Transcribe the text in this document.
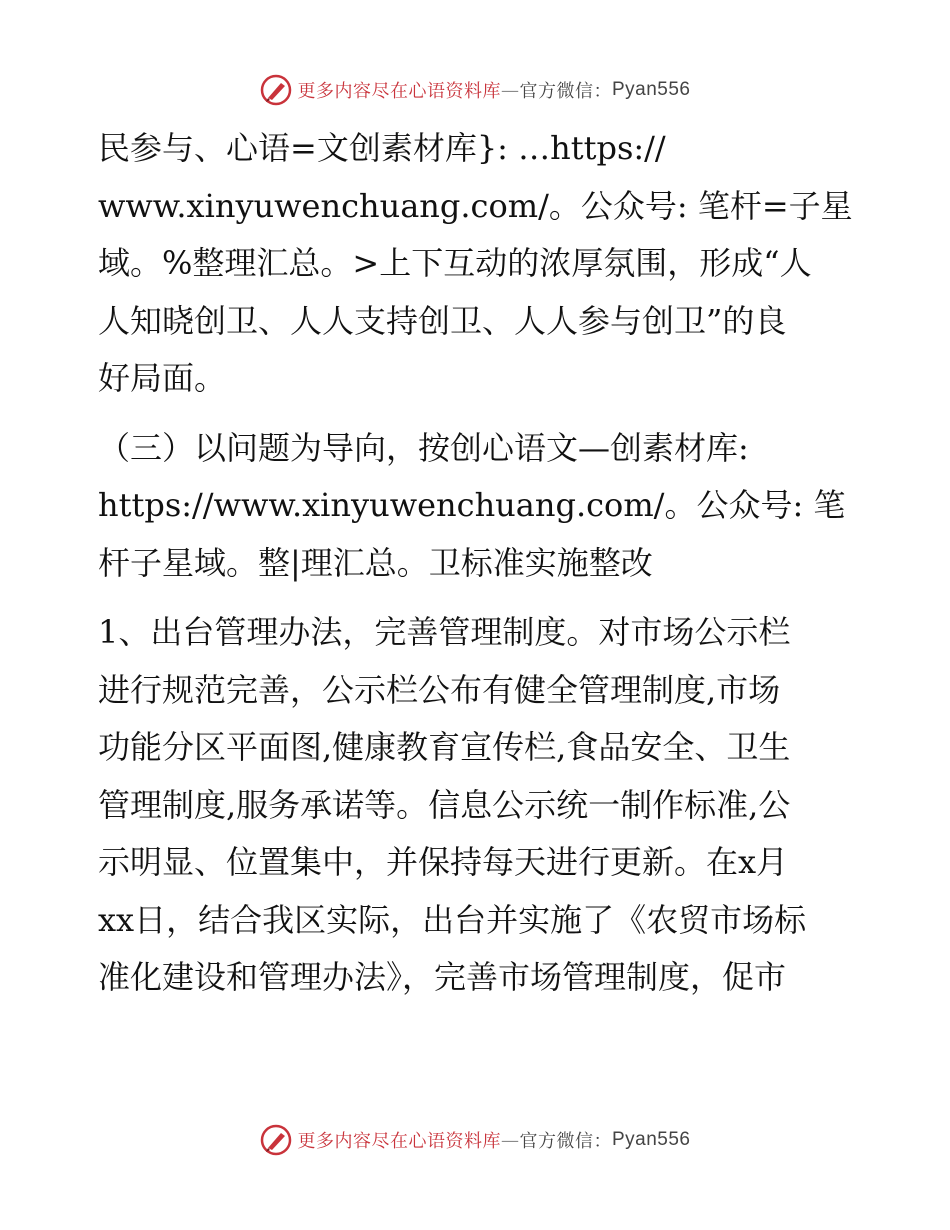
更多内容尽在心语资料库 — 官方微信： Pyan556
民参与、心语=文创素材库}: …https://
www.xinyuwenchuang.com/。公众号: 笔杆=子星
域。%整理汇总。>上下互动的浓厚氛围，形成“人
人知晓创卫、人人支持创卫、人人参与创卫”的良
好局面。
（三）以问题为导向，按创心语文—创素材库:
https://www.xinyuwenchuang.com/。公众号: 笔
杆子星域。整|理汇总。卫标准实施整改
1、出台管理办法，完善管理制度。对市场公示栏
进行规范完善，公示栏公布有健全管理制度,市场
功能分区平面图,健康教育宣传栏,食品安全、卫生
管理制度,服务承诺等。信息公示统一制作标准,公
示明显、位置集中，并保持每天进行更新。在x月
xx日，结合我区实际，出台并实施了《农贸市场标
准化建设和管理办法》，完善市场管理制度，促市
更多内容尽在心语资料库 — 官方微信： Pyan556
